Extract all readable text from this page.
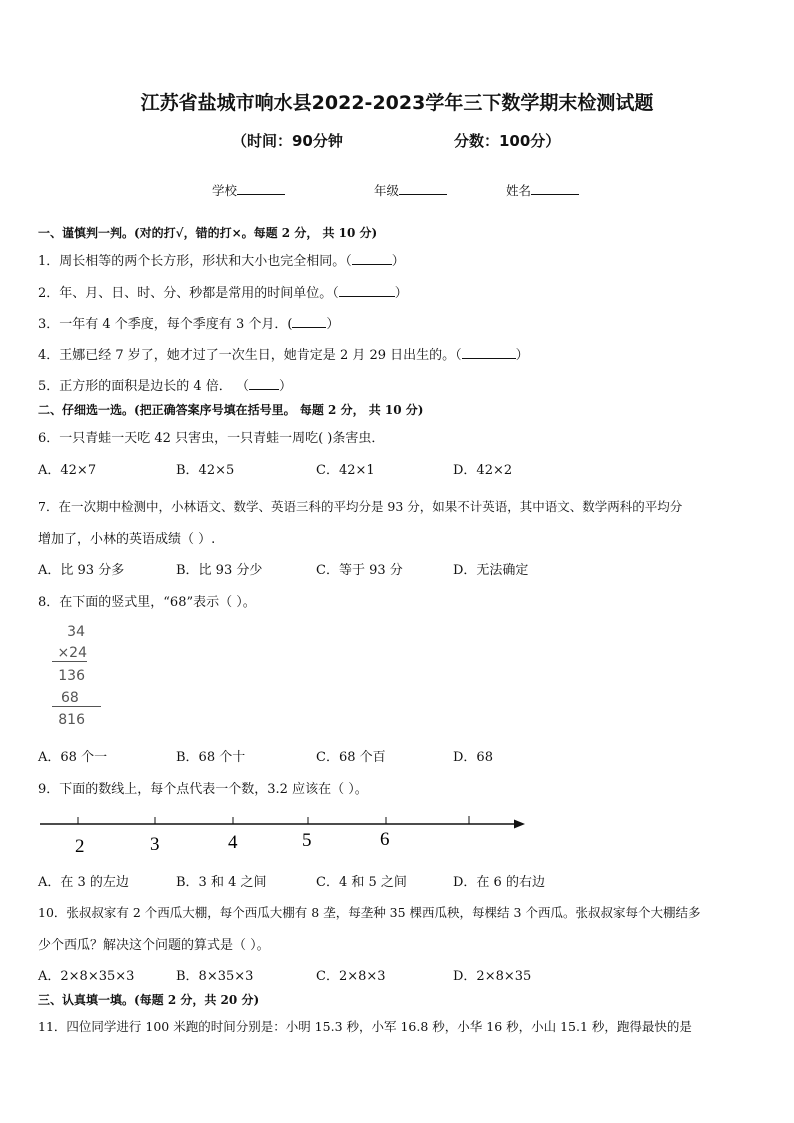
江苏省盐城市响水县2022-2023学年三下数学期末检测试题
（时间：90分钟	分数：100分）
学校	年级	姓名
一、谨慎判一判。(对的打√，错的打×。每题 2 分， 共 10 分)
1．周长相等的两个长方形，形状和大小也完全相同。（	）
2．年、月、日、时、分、秒都是常用的时间单位。（	）
3．一年有 4 个季度，每个季度有 3 个月．(	）
4．王娜已经 7 岁了，她才过了一次生日，她肯定是 2 月 29 日出生的。（	）
5．正方形的面积是边长的 4 倍． （ ）
二、仔细选一选。(把正确答案序号填在括号里。 每题 2 分， 共 10 分)
6．一只青蛙一天吃 42 只害虫，一只青蛙一周吃( )条害虫．
A．42×7	B．42×5	C．42×1	D．42×2
7．在一次期中检测中，小林语文、数学、英语三科的平均分是 93 分，如果不计英语，其中语文、数学两科的平均分
增加了，小林的英语成绩（ ）.
A．比 93 分多	B．比 93 分少	C．等于 93 分	D．无法确定
8．在下面的竖式里，“68”表示（ ）。
34
×24
136
68
816
A．68 个一	B．68 个十	C．68 个百	D．68
9．下面的数线上，每个点代表一个数，3.2 应该在（ ）。
2	3	4	5	6
A．在 3 的左边	B．3 和 4 之间	C．4 和 5 之间	D．在 6 的右边
10．张叔叔家有 2 个西瓜大棚，每个西瓜大棚有 8 垄，每垄种 35 棵西瓜秧，每棵结 3 个西瓜。张叔叔家每个大棚结多
少个西瓜？解决这个问题的算式是（ ）。
A．2×8×35×3	B．8×35×3	C．2×8×3	D．2×8×35
三、认真填一填。(每题 2 分，共 20 分)
11．四位同学进行 100 米跑的时间分别是：小明 15.3 秒，小军 16.8 秒，小华 16 秒，小山 15.1 秒，跑得最快的是
